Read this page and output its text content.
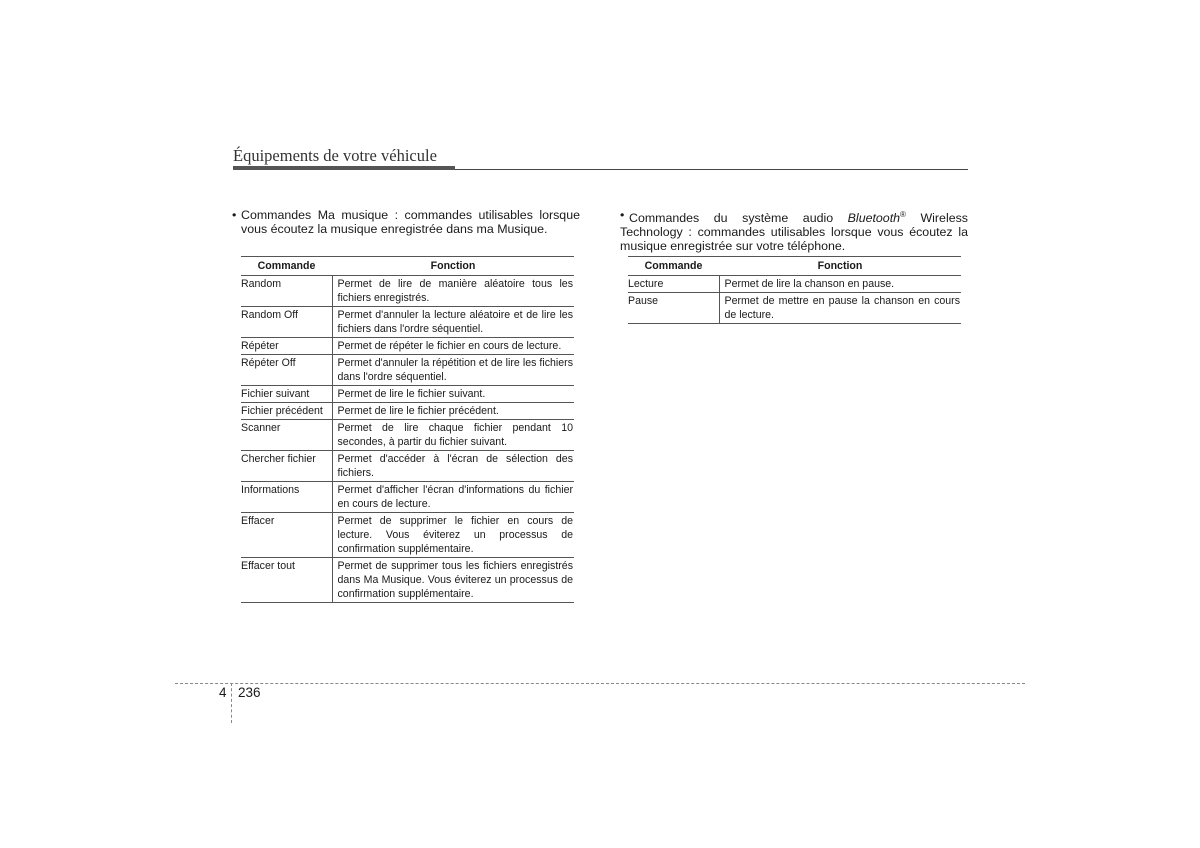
Équipements de votre véhicule
• Commandes Ma musique : commandes utilisables lorsque
vous écoutez la musique enregistrée dans ma Musique.
Commande	Fonction
Random	Permet de lire de manière aléatoire tous les fichiers enregistrés.
Random Off	Permet d'annuler la lecture aléatoire et de lire les fichiers dans l'ordre séquentiel.
Répéter	Permet de répéter le fichier en cours de lecture.
Répéter Off	Permet d'annuler la répétition et de lire les fichiers dans l'ordre séquentiel.
Fichier suivant	Permet de lire le fichier suivant.
Fichier précédent	Permet de lire le fichier précédent.
Scanner	Permet de lire chaque fichier pendant 10 secondes, à partir du fichier suivant.
Chercher fichier	Permet d'accéder à l'écran de sélection des fichiers.
Informations	Permet d'afficher l'écran d'informations du fichier en cours de lecture.
Effacer	Permet de supprimer le fichier en cours de lecture. Vous éviterez un processus de confirmation supplémentaire.
Effacer tout	Permet de supprimer tous les fichiers enregistrés dans Ma Musique. Vous éviterez un processus de confirmation supplémentaire.
• Commandes du système audio Bluetooth® Wireless
Technology : commandes utilisables lorsque vous écoutez la
musique enregistrée sur votre téléphone.
Commande	Fonction
Lecture	Permet de lire la chanson en pause.
Pause	Permet de mettre en pause la chanson en cours de lecture.
4 236
